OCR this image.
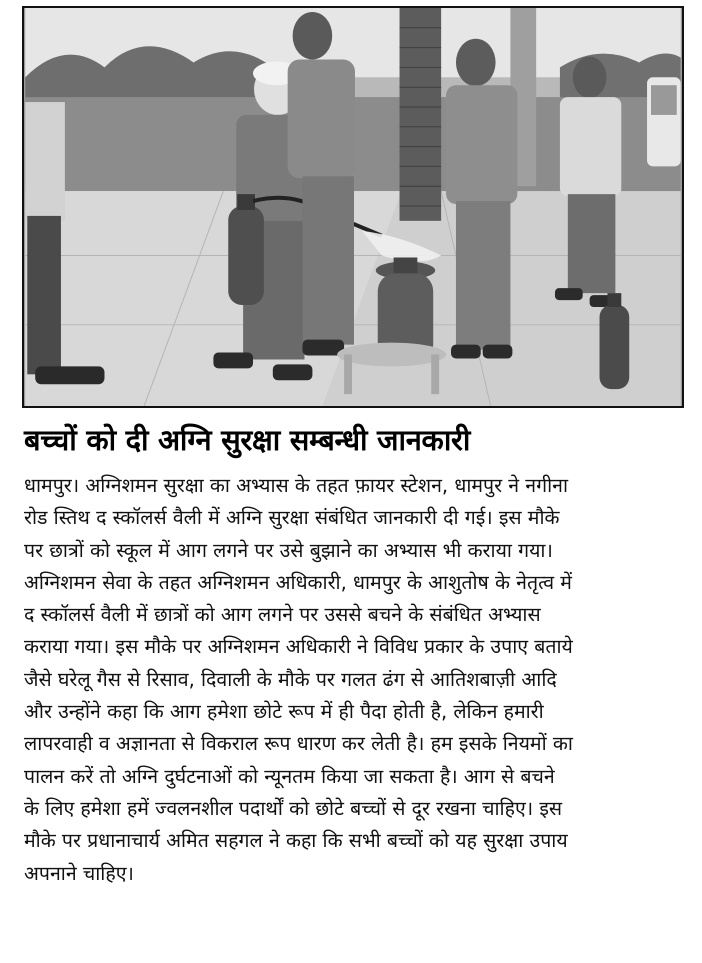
बच्चों को दी अग्नि सुरक्षा सम्बन्धी जानकारी
धामपुर। अग्निशमन सुरक्षा का अभ्यास के तहत फ़ायर स्टेशन, धामपुर ने नगीना
रोड स्तिथ द स्कॉलर्स वैली में अग्नि सुरक्षा संबंधित जानकारी दी गई। इस मौके
पर छात्रों को स्कूल में आग लगने पर उसे बुझाने का अभ्यास भी कराया गया।
अग्निशमन सेवा के तहत अग्निशमन अधिकारी, धामपुर के आशुतोष के नेतृत्व में
द स्कॉलर्स वैली में छात्रों को आग लगने पर उससे बचने के संबंधित अभ्यास
कराया गया। इस मौके पर अग्निशमन अधिकारी ने विविध प्रकार के उपाए बताये
जैसे घरेलू गैस से रिसाव, दिवाली के मौके पर गलत ढंग से आतिशबाज़ी आदि
और उन्होंने कहा कि आग हमेशा छोटे रूप में ही पैदा होती है, लेकिन हमारी
लापरवाही व अज्ञानता से विकराल रूप धारण कर लेती है। हम इसके नियमों का
पालन करें तो अग्नि दुर्घटनाओं को न्यूनतम किया जा सकता है। आग से बचने
के लिए हमेशा हमें ज्वलनशील पदार्थों को छोटे बच्चों से दूर रखना चाहिए। इस
मौके पर प्रधानाचार्य अमित सहगल ने कहा कि सभी बच्चों को यह सुरक्षा उपाय
अपनाने चाहिए।
